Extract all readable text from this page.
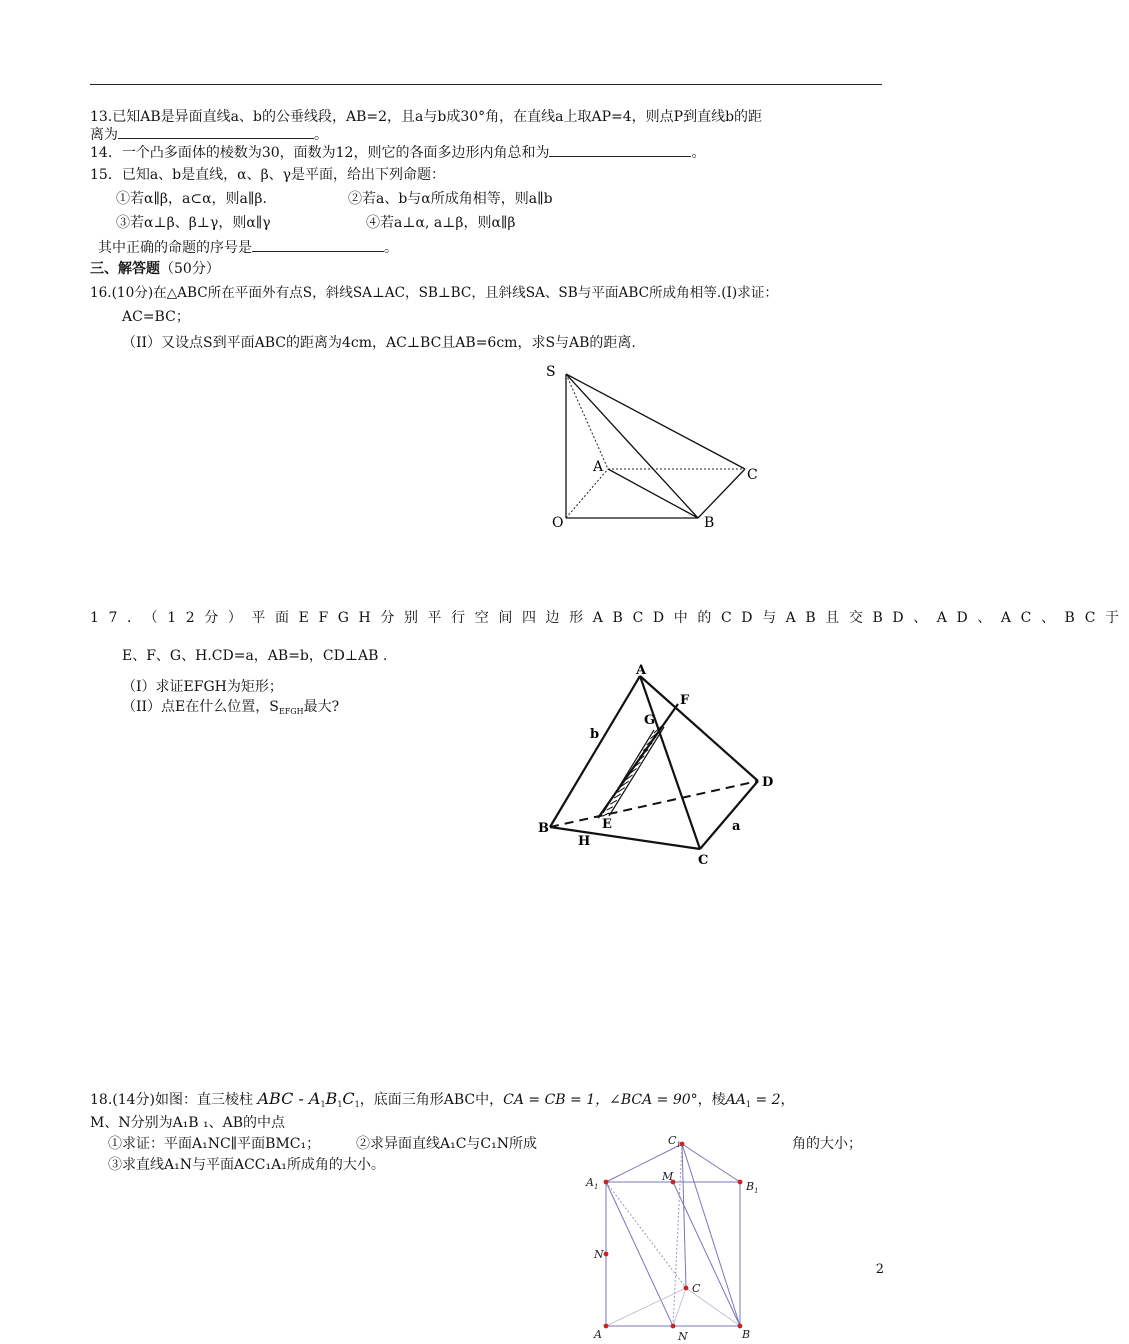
13.已知AB是异面直线a、b的公垂线段，AB=2，且a与b成30°角，在直线a上取AP=4，则点P到直线b的距
离为	。
14．一个凸多面体的棱数为30，面数为12，则它的各面多边形内角总和为	。
15．已知a、b是直线，α、β、γ是平面，给出下列命题：
①若α∥β，a⊂α，则a∥β.	②若a、b与α所成角相等，则a∥b
③若α⊥β、β⊥γ，则α∥γ	④若a⊥α, a⊥β，则α∥β
其中正确的命题的序号是	。
三、解答题（50分）
16.(10分)在△ABC所在平面外有点S，斜线SA⊥AC，SB⊥BC，且斜线SA、SB与平面ABC所成角相等.(I)求证：
AC=BC；
（II）又设点S到平面ABC的距离为4cm，AC⊥BC且AB=6cm，求S与AB的距离.
S
A	C
O	B
17．（12分）平面EFGH分别平行空间四边形ABCD中的CD与AB且交BD、AD、AC、BC于
E、F、G、H.CD=a，AB=b，CD⊥AB .
（I）求证EFGH为矩形；
（II）点E在什么位置，$S_{EFGH}$最大?
A
F
G
b
D
E
B	a
H
C
18.(14分)如图：直三棱柱 ABC - $A_1B_1C_1$，底面三角形ABC中，CA = CB = 1，∠BCA = 90°，棱$AA_1 = 2$，
M、N分别为A₁B ₁、AB的中点
①求证：平面A₁NC∥平面BMC₁；	②求异面直线A₁C与C₁N所成	角的大小；
③求直线A₁N与平面ACC₁A₁所成角的大小。
$C_1$
$A_1$
M
$B_1$
N
C
A	N	B
2
